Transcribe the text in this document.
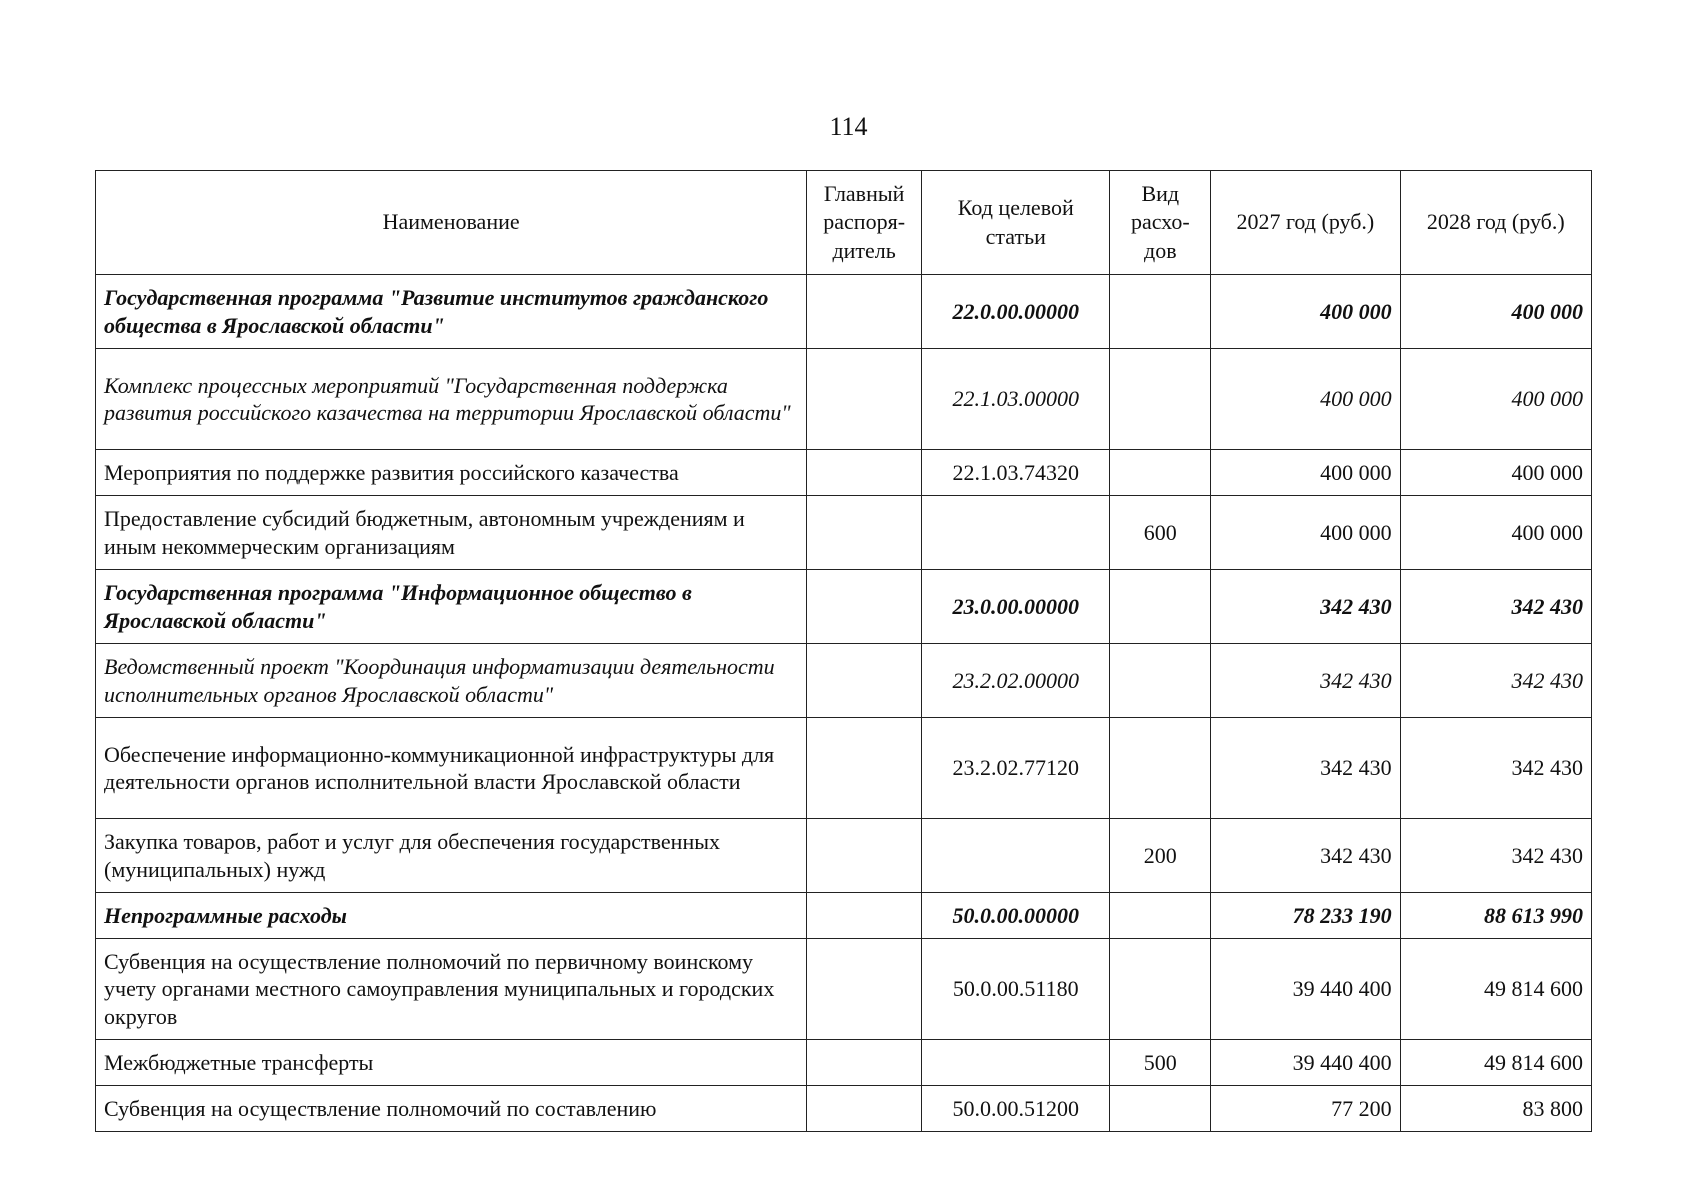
114
Наименование	Главный распоря- дитель	Код целевой статьи	Вид расхо- дов	2027 год (руб.)	2028 год (руб.)
Государственная программа "Развитие институтов гражданского общества в Ярославской области"		22.0.00.00000		400 000	400 000
Комплекс процессных мероприятий "Государственная поддержка развития российского казачества на территории Ярославской области"		22.1.03.00000		400 000	400 000
Мероприятия по поддержке развития российского казачества		22.1.03.74320		400 000	400 000
Предоставление субсидий бюджетным, автономным учреждениям и иным некоммерческим организациям			600	400 000	400 000
Государственная программа "Информационное общество в Ярославской области"		23.0.00.00000		342 430	342 430
Ведомственный проект "Координация информатизации деятельности исполнительных органов Ярославской области"		23.2.02.00000		342 430	342 430
Обеспечение информационно-коммуникационной инфраструктуры для деятельности органов исполнительной власти Ярославской области		23.2.02.77120		342 430	342 430
Закупка товаров, работ и услуг для обеспечения государственных (муниципальных) нужд			200	342 430	342 430
Непрограммные расходы		50.0.00.00000		78 233 190	88 613 990
Субвенция на осуществление полномочий по первичному воинскому учету органами местного самоуправления муниципальных и городских округов		50.0.00.51180		39 440 400	49 814 600
Межбюджетные трансферты			500	39 440 400	49 814 600
Субвенция на осуществление полномочий по составлению		50.0.00.51200		77 200	83 800
